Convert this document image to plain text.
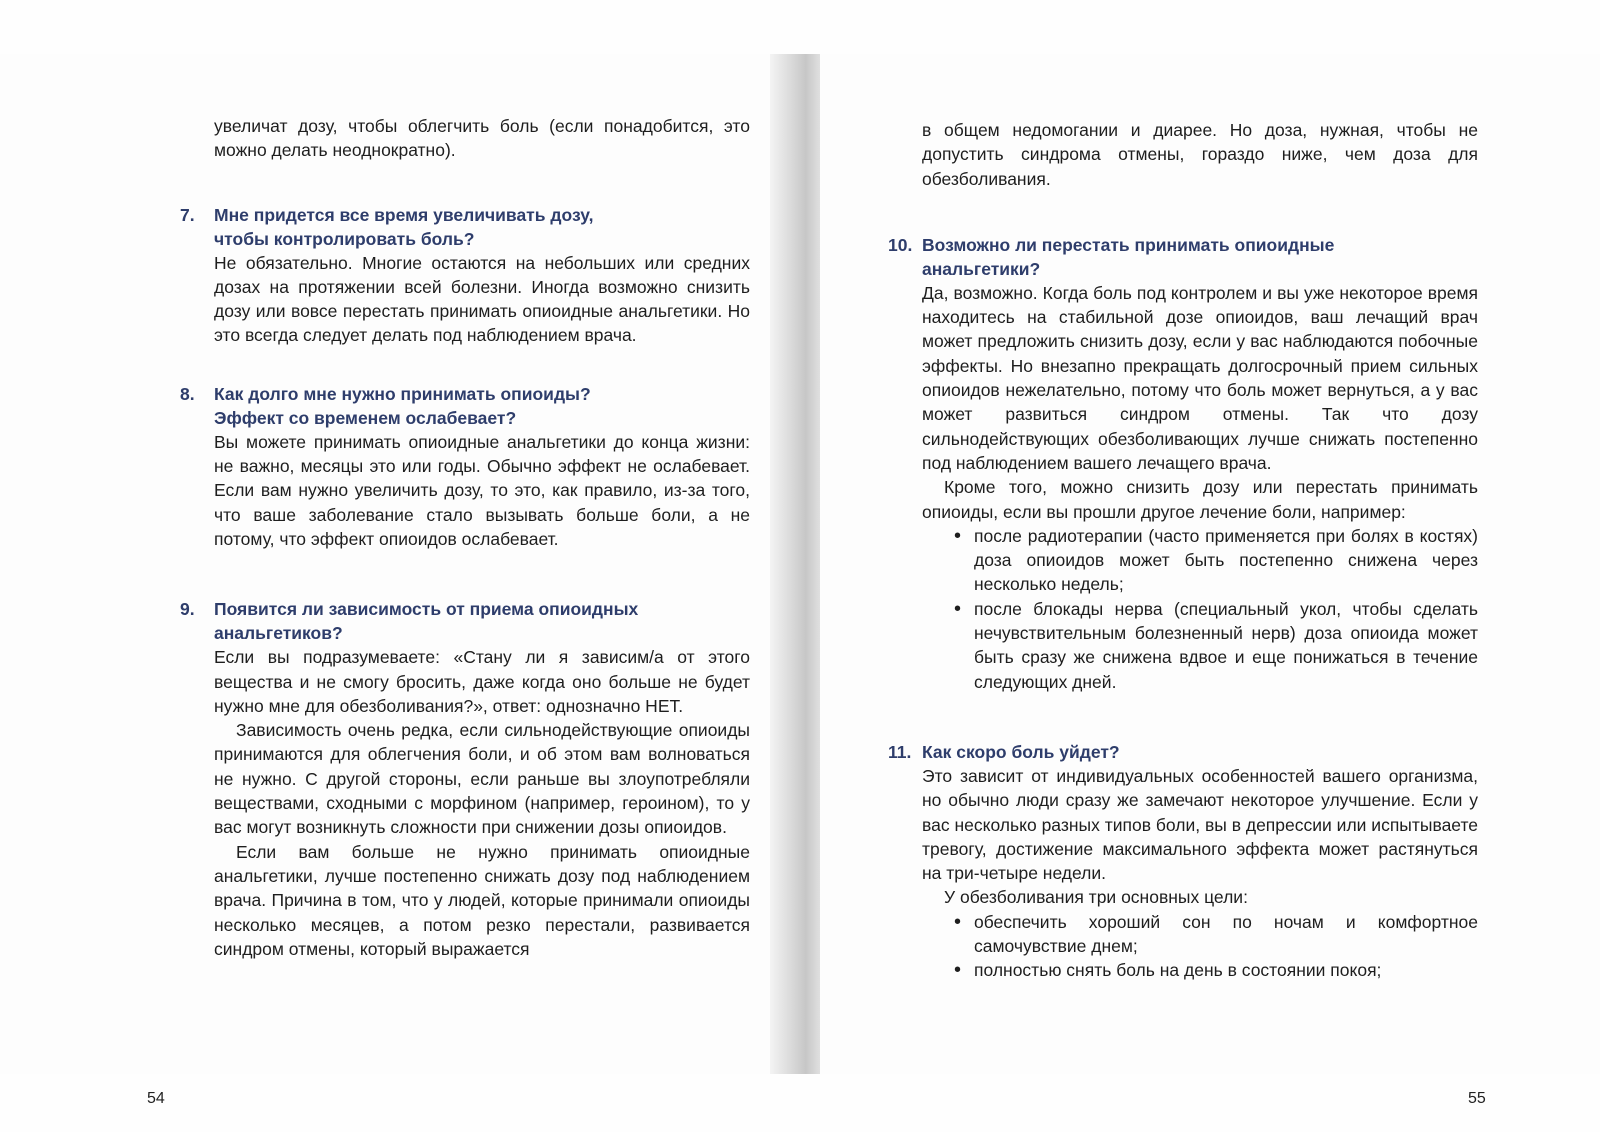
увеличат дозу, чтобы облегчить боль (если понадобится, это можно делать неоднократно).

7.	Мне придется все время увеличивать дозу,
чтобы контролировать боль?

Не обязательно. Многие остаются на небольших или средних дозах на протяжении всей болезни. Иногда возможно снизить дозу или вовсе перестать принимать опиоидные анальгетики. Но это всегда следует делать под наблюдением врача.

8.	Как долго мне нужно принимать опиоиды?
Эффект со временем ослабевает?

Вы можете принимать опиоидные анальгетики до конца жизни: не важно, месяцы это или годы. Обычно эффект не ослабевает. Если вам нужно увеличить дозу, то это, как правило, из-за того, что ваше заболевание стало вызывать больше боли, а не потому, что эффект опиоидов ослабевает.

9.	Появится ли зависимость от приема опиоидных
анальгетиков?

Если вы подразумеваете: «Стану ли я зависим/а от этого вещества и не смогу бросить, даже когда оно больше не будет нужно мне для обезболивания?», ответ: однозначно НЕТ.

Зависимость очень редка, если сильнодействующие опиоиды принимаются для облегчения боли, и об этом вам волноваться не нужно. С другой стороны, если раньше вы злоупотребляли веществами, сходными с морфином (например, героином), то у вас могут возникнуть сложности при снижении дозы опиоидов.

Если вам больше не нужно принимать опиоидные анальгетики, лучше постепенно снижать дозу под наблюдением врача. Причина в том, что у людей, которые принимали опиоиды несколько месяцев, а потом резко перестали, развивается синдром отмены, который выражается

54

в общем недомогании и диарее. Но доза, нужная, чтобы не допустить синдрома отмены, гораздо ниже, чем доза для обезболивания.

10. Возможно ли перестать принимать опиоидные
анальгетики?

Да, возможно. Когда боль под контролем и вы уже некоторое время находитесь на стабильной дозе опиоидов, ваш лечащий врач может предложить снизить дозу, если у вас наблюдаются побочные эффекты. Но внезапно прекращать долгосрочный прием сильных опиоидов нежелательно, потому что боль может вернуться, а у вас может развиться синдром отмены. Так что дозу сильнодействующих обезболивающих лучше снижать постепенно под наблюдением вашего лечащего врача.

Кроме того, можно снизить дозу или перестать принимать опиоиды, если вы прошли другое лечение боли, например:

• после радиотерапии (часто применяется при болях в костях) доза опиоидов может быть постепенно снижена через несколько недель;
• после блокады нерва (специальный укол, чтобы сделать нечувствительным болезненный нерв) доза опиоида может быть сразу же снижена вдвое и еще понижаться в течение следующих дней.
11. Как скоро боль уйдет?

Это зависит от индивидуальных особенностей вашего организма, но обычно люди сразу же замечают некоторое улучшение. Если у вас несколько разных типов боли, вы в депрессии или испытываете тревогу, достижение максимального эффекта может растянуться на три-четыре недели.

У обезболивания три основных цели:

• обеспечить хороший сон по ночам и комфортное самочувствие днем;
• полностью снять боль на день в состоянии покоя;
55
